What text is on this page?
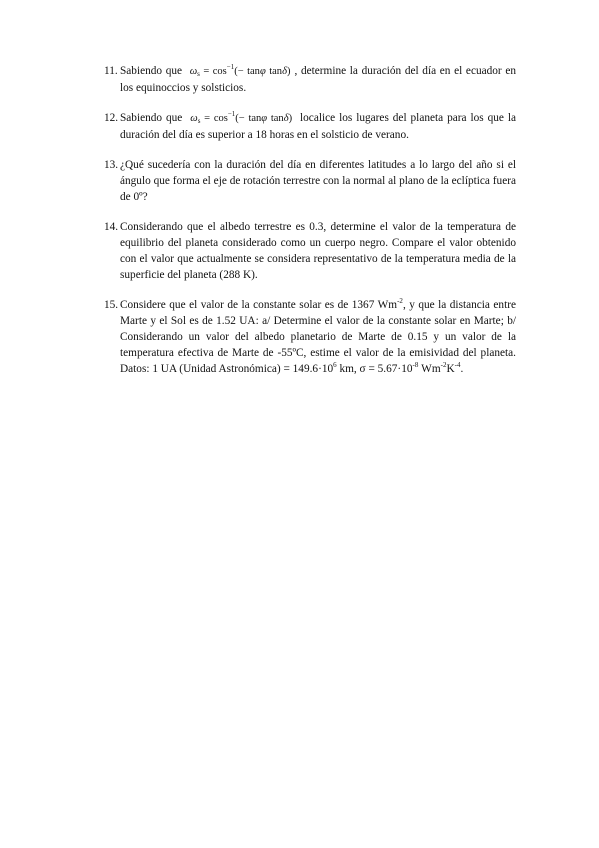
11. Sabiendo que $\omega_s = \cos^{-1}(- \tan\varphi$ tanδ) , determine la duración del día en el ecuador en los equinoccios y solsticios.
12. Sabiendo que $\omega_s = \cos^{-1}(- \tan\varphi$ tanδ) localice los lugares del planeta para los que la duración del día es superior a 18 horas en el solsticio de verano.
13. ¿Qué sucedería con la duración del día en diferentes latitudes a lo largo del año si el ángulo que forma el eje de rotación terrestre con la normal al plano de la eclíptica fuera de 0º?
14. Considerando que el albedo terrestre es 0.3, determine el valor de la temperatura de equilibrio del planeta considerado como un cuerpo negro. Compare el valor obtenido con el valor que actualmente se considera representativo de la temperatura media de la superficie del planeta (288 K).
15. Considere que el valor de la constante solar es de 1367 $Wm^{-2}$, y que la distancia entre Marte y el Sol es de 1.52 UA: a/ Determine el valor de la constante solar en Marte; b/ Considerando un valor del albedo planetario de Marte de 0.15 y un valor de la temperatura efectiva de Marte de -55ºC, estime el valor de la emisividad del planeta. Datos: 1 UA (Unidad Astronómica) = $149.6\cdot 10^6$ km, $\sigma = 5.67\cdot 10^{-8}$ $Wm^{-2}K^{-4}$.
